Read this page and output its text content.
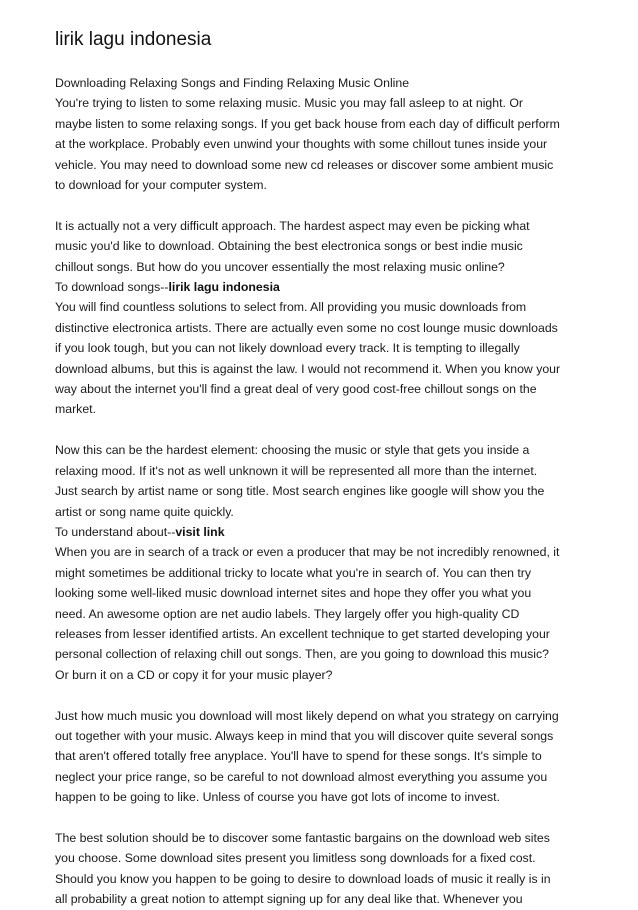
lirik lagu indonesia
Downloading Relaxing Songs and Finding Relaxing Music Online
You're trying to listen to some relaxing music. Music you may fall asleep to at night. Or
maybe listen to some relaxing songs. If you get back house from each day of difficult perform
at the workplace. Probably even unwind your thoughts with some chillout tunes inside your
vehicle. You may need to download some new cd releases or discover some ambient music
to download for your computer system.
It is actually not a very difficult approach. The hardest aspect may even be picking what
music you'd like to download. Obtaining the best electronica songs or best indie music
chillout songs. But how do you uncover essentially the most relaxing music online?
To download songs--lirik lagu indonesia
You will find countless solutions to select from. All providing you music downloads from
distinctive electronica artists. There are actually even some no cost lounge music downloads
if you look tough, but you can not likely download every track. It is tempting to illegally
download albums, but this is against the law. I would not recommend it. When you know your
way about the internet you'll find a great deal of very good cost-free chillout songs on the
market.
Now this can be the hardest element: choosing the music or style that gets you inside a
relaxing mood. If it's not as well unknown it will be represented all more than the internet.
Just search by artist name or song title. Most search engines like google will show you the
artist or song name quite quickly.
To understand about--visit link
When you are in search of a track or even a producer that may be not incredibly renowned, it
might sometimes be additional tricky to locate what you're in search of. You can then try
looking some well-liked music download internet sites and hope they offer you what you
need. An awesome option are net audio labels. They largely offer you high-quality CD
releases from lesser identified artists. An excellent technique to get started developing your
personal collection of relaxing chill out songs. Then, are you going to download this music?
Or burn it on a CD or copy it for your music player?
Just how much music you download will most likely depend on what you strategy on carrying
out together with your music. Always keep in mind that you will discover quite several songs
that aren't offered totally free anyplace. You'll have to spend for these songs. It's simple to
neglect your price range, so be careful to not download almost everything you assume you
happen to be going to like. Unless of course you have got lots of income to invest.
The best solution should be to discover some fantastic bargains on the download web sites
you choose. Some download sites present you limitless song downloads for a fixed cost.
Should you know you happen to be going to desire to download loads of music it really is in
all probability a great notion to attempt signing up for any deal like that. Whenever you
